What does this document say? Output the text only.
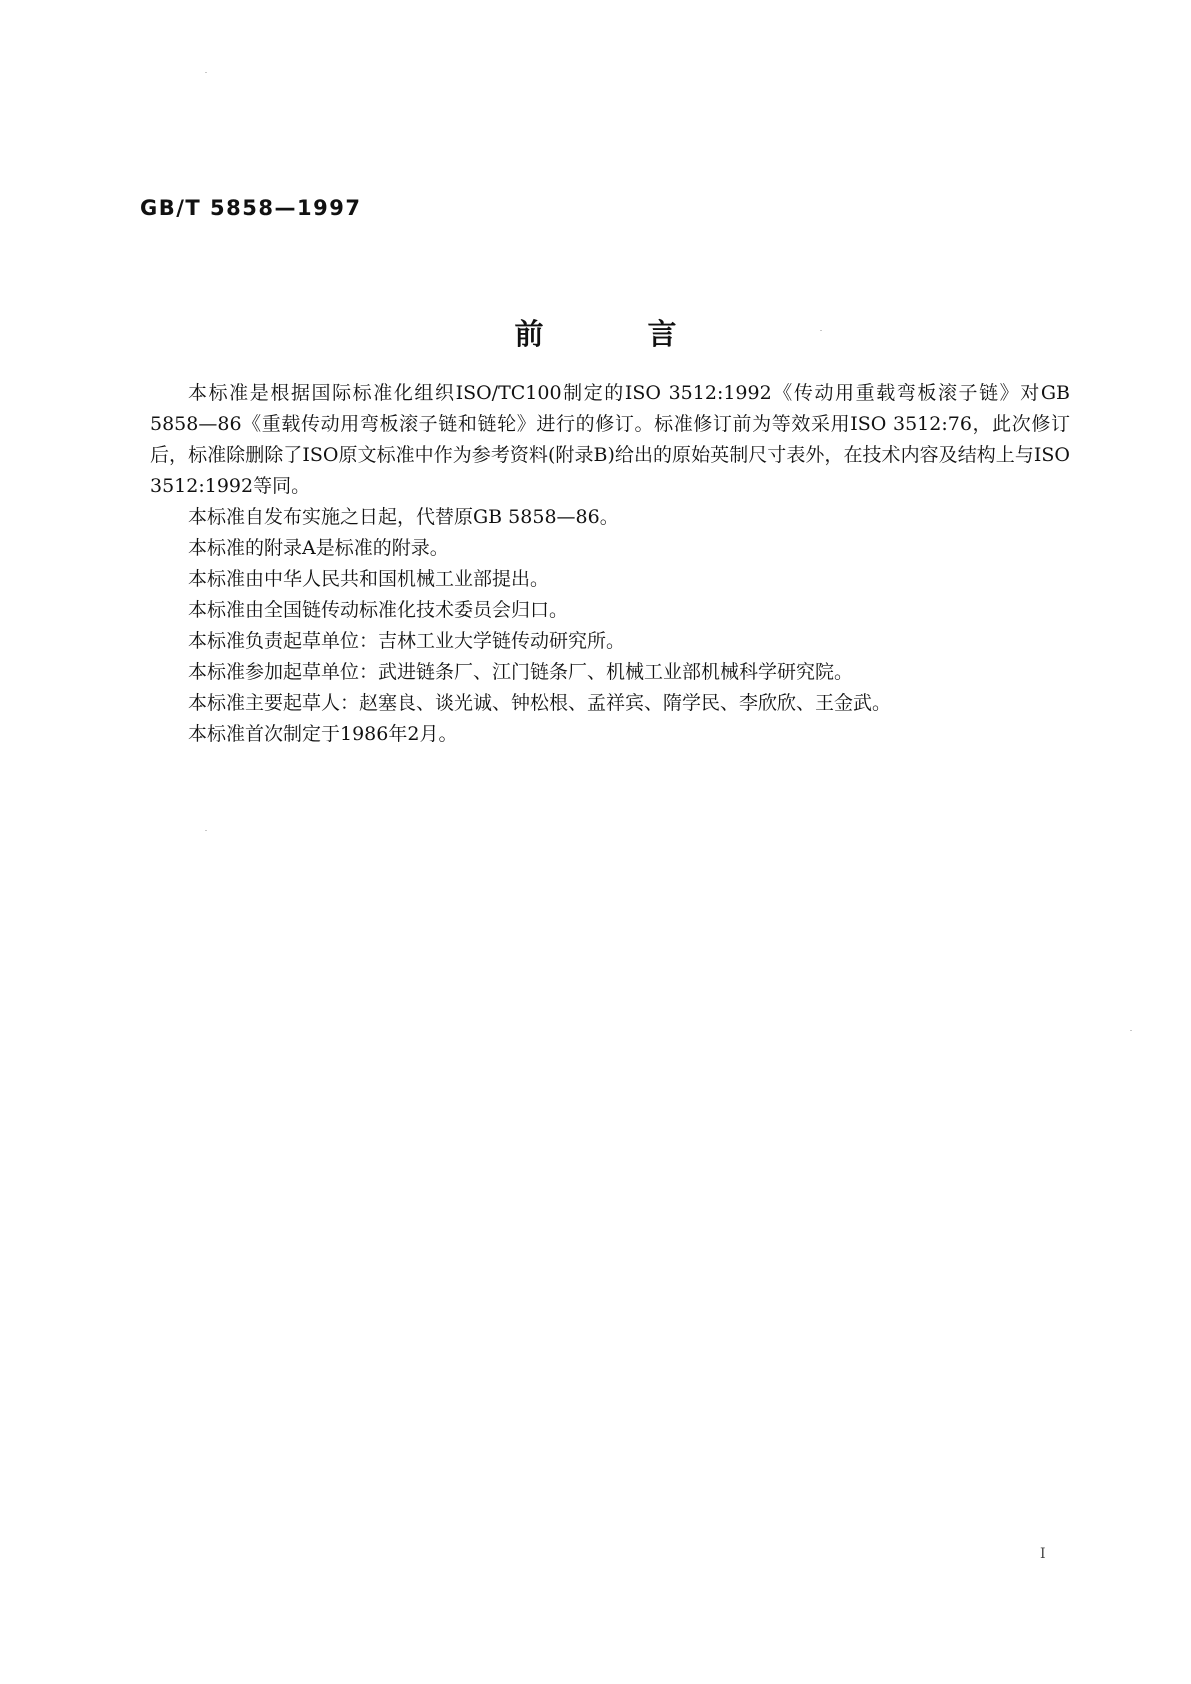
GB/T 5858—1997
前	言

本标准是根据国际标准化组织ISO/TC100制定的ISO 3512:1992《传动用重载弯板滚子链》对GB 5858—86《重载传动用弯板滚子链和链轮》进行的修订。标准修订前为等效采用ISO 3512:76，此次修订后，标准除删除了ISO原文标准中作为参考资料(附录B)给出的原始英制尺寸表外，在技术内容及结构上与ISO 3512:1992等同。

本标准自发布实施之日起，代替原GB 5858—86。

本标准的附录A是标准的附录。

本标准由中华人民共和国机械工业部提出。

本标准由全国链传动标准化技术委员会归口。

本标准负责起草单位：吉林工业大学链传动研究所。

本标准参加起草单位：武进链条厂、江门链条厂、机械工业部机械科学研究院。

本标准主要起草人：赵塞良、谈光诚、钟松根、孟祥宾、隋学民、李欣欣、王金武。

本标准首次制定于1986年2月。

I
